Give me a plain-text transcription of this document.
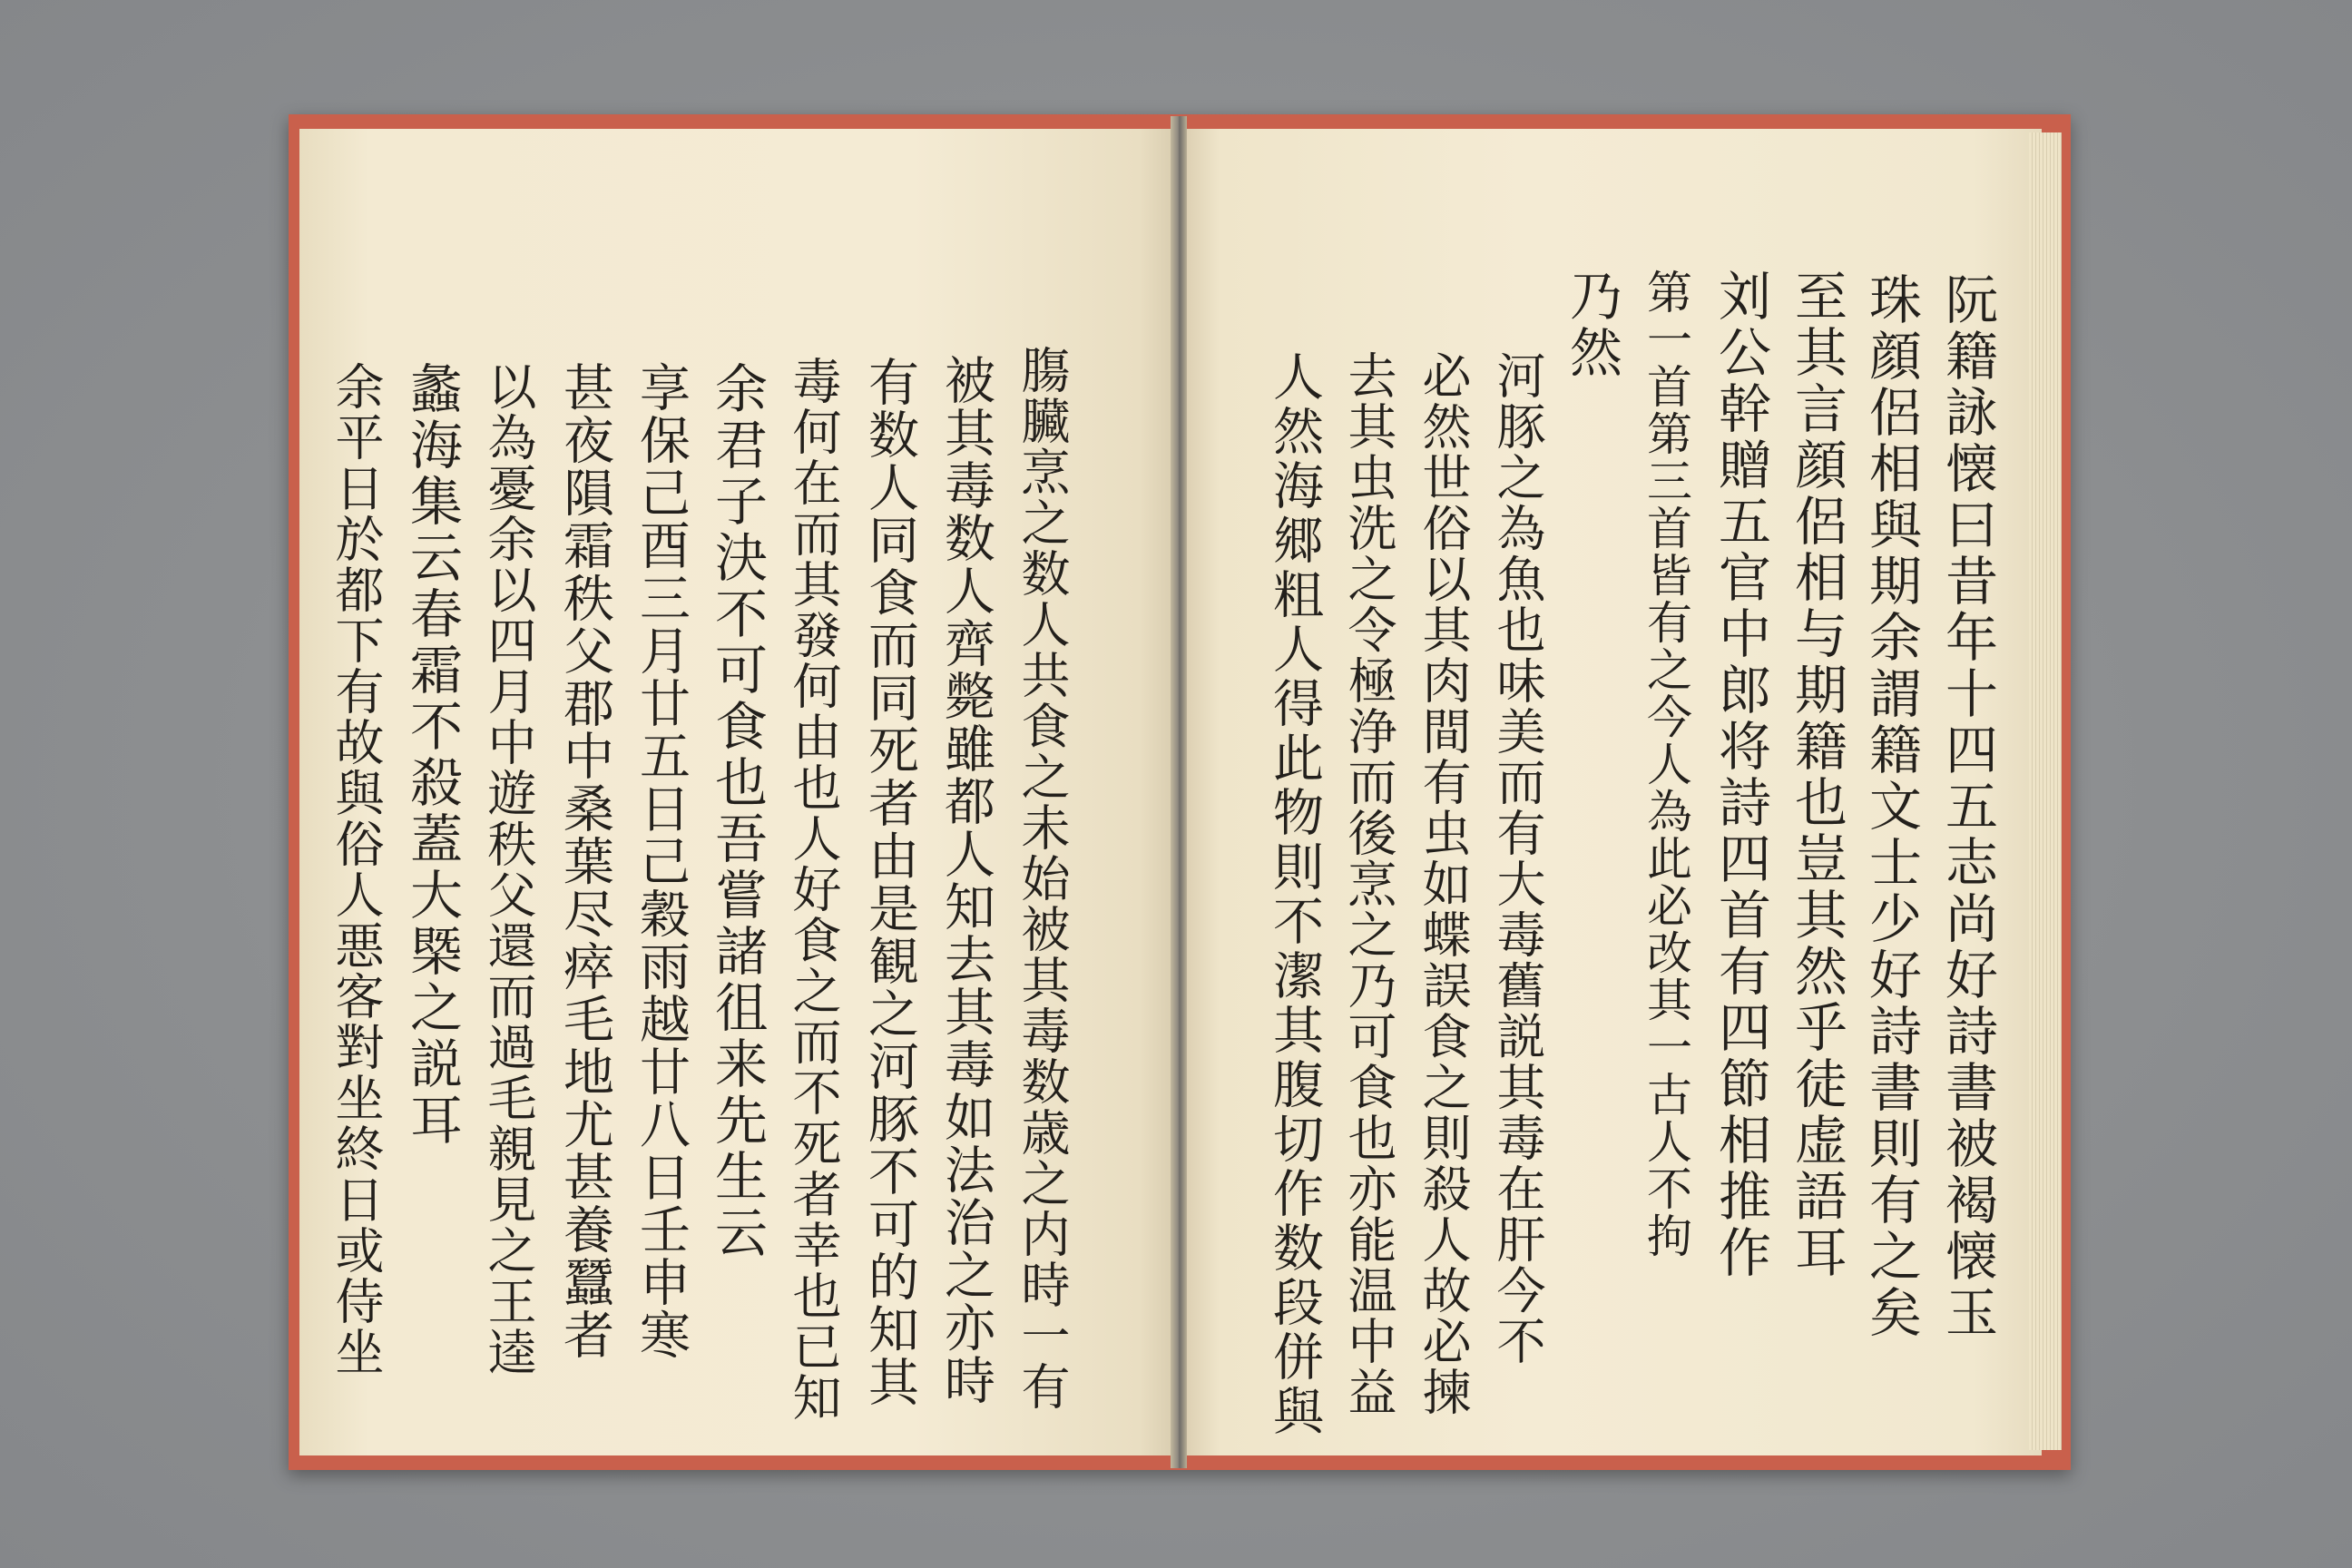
阮籍詠懐曰昔年十四五志尚好詩書被褐懐玉
珠顔侶相與期余謂籍文士少好詩書則有之矣
至其言顔侶相与期籍也豈其然乎徒虚語耳
刘公幹贈五官中郎将詩四首有四節相推作
第一首第三首皆有之今人為此必改其一古人不拘
乃然
河豚之為魚也味美而有大毒舊説其毒在肝今不
必然世俗以其肉間有虫如蝶誤食之則殺人故必揀
去其虫洗之令極浄而後烹之乃可食也亦能温中益
人然海郷粗人得此物則不潔其腹切作数段併與
膓臟烹之数人共食之未始被其毒数歳之内時一有
被其毒数人齊斃雖都人知去其毒如法治之亦時
有数人同食而同死者由是観之河豚不可的知其
毒何在而其發何由也人好食之而不死者幸也已知
余君子決不可食也吾嘗諸徂来先生云
享保己酉三月廿五日己穀雨越廿八日壬申寒
甚夜隕霜秩父郡中桑葉尽瘁毛地尤甚養蠶者
以為憂余以四月中遊秩父還而過毛親見之王逵
蠡海集云春霜不殺蓋大槩之説耳
余平日於都下有故與俗人悪客對坐終日或侍坐
